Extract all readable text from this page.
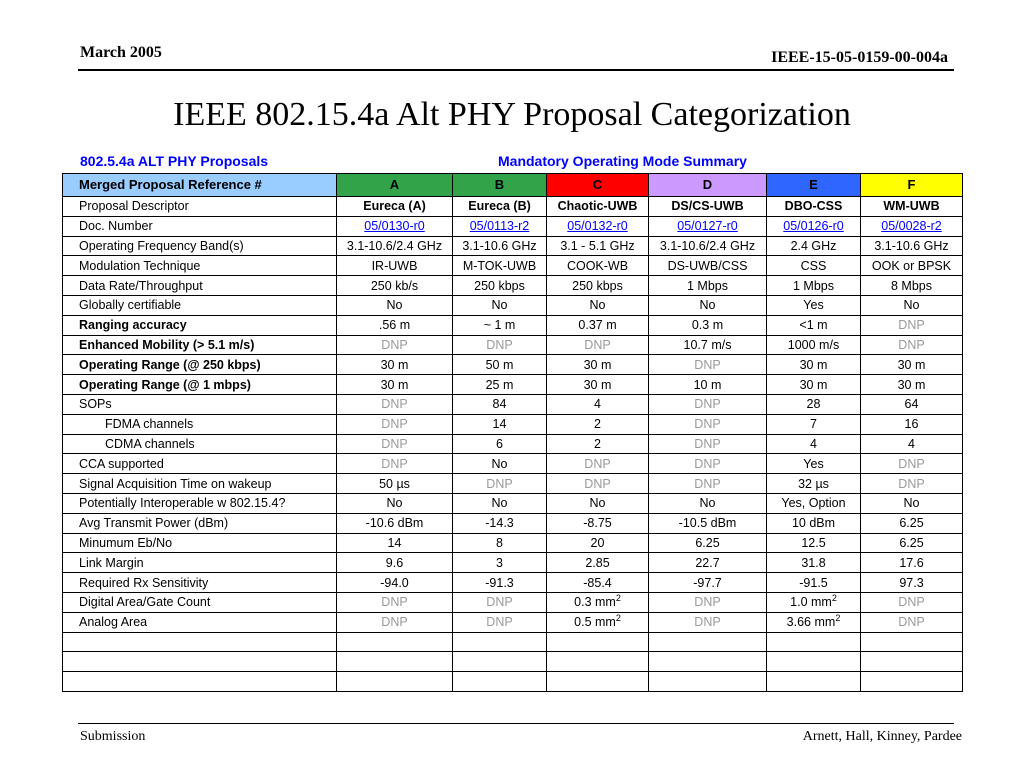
March 2005	IEEE-15-05-0159-00-004a
IEEE 802.15.4a Alt PHY Proposal Categorization
802.5.4a ALT PHY Proposals	Mandatory Operating Mode Summary
Merged Proposal Reference #	A	B	C	D	E	F
Proposal Descriptor	Eureca (A)	Eureca (B)	Chaotic-UWB	DS/CS-UWB	DBO-CSS	WM-UWB
Doc. Number	05/0130-r0	05/0113-r2	05/0132-r0	05/0127-r0	05/0126-r0	05/0028-r2
Operating Frequency Band(s)	3.1-10.6/2.4 GHz	3.1-10.6 GHz	3.1 - 5.1 GHz	3.1-10.6/2.4 GHz	2.4 GHz	3.1-10.6 GHz
Modulation Technique	IR-UWB	M-TOK-UWB	COOK-WB	DS-UWB/CSS	CSS	OOK or BPSK
Data Rate/Throughput	250 kb/s	250 kbps	250 kbps	1 Mbps	1 Mbps	8 Mbps
Globally certifiable	No	No	No	No	Yes	No
Ranging accuracy	.56 m	~ 1 m	0.37 m	0.3 m	<1 m	DNP
Enhanced Mobility (> 5.1 m/s)	DNP	DNP	DNP	10.7 m/s	1000 m/s	DNP
Operating Range (@ 250 kbps)	30 m	50 m	30 m	DNP	30 m	30 m
Operating Range (@ 1 mbps)	30 m	25 m	30 m	10 m	30 m	30 m
SOPs	DNP	84	4	DNP	28	64
FDMA channels	DNP	14	2	DNP	7	16
CDMA channels	DNP	6	2	DNP	4	4
CCA supported	DNP	No	DNP	DNP	Yes	DNP
Signal Acquisition Time on wakeup	50 µs	DNP	DNP	DNP	32 µs	DNP
Potentially Interoperable w 802.15.4?	No	No	No	No	Yes, Option	No
Avg Transmit Power (dBm)	-10.6 dBm	-14.3	-8.75	-10.5 dBm	10 dBm	6.25
Minumum Eb/No	14	8	20	6.25	12.5	6.25
Link Margin	9.6	3	2.85	22.7	31.8	17.6
Required Rx Sensitivity	-94.0	-91.3	-85.4	-97.7	-91.5	97.3
Digital Area/Gate Count	DNP	DNP	0.3 $mm^2$	DNP	1.0 $mm^2$	DNP
Analog Area	DNP	DNP	0.5 $mm^2$	DNP	3.66 $mm^2$	DNP

Submission	Arnett, Hall, Kinney, Pardee
